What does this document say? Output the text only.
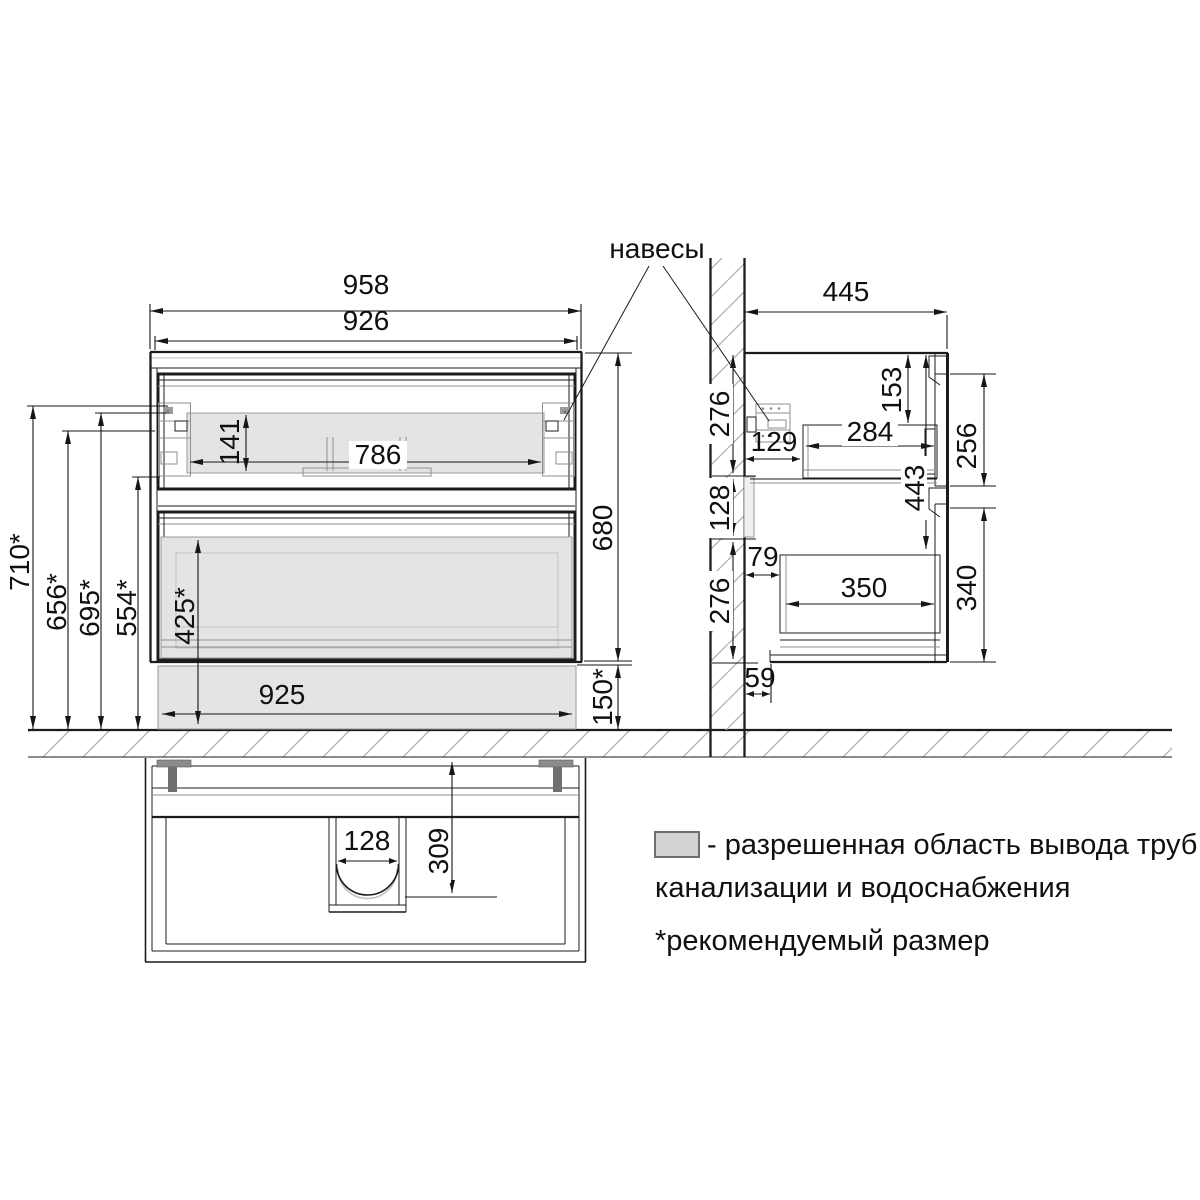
958
926
141	786
680
150*
925
710*
656* 695* 554* 425*
445
153
284
129
443
256
340
79
350
59
276
128
276
навесы
128 309	- разрешенная область вывода труб
канализации и водоснабжения
*рекомендуемый размер
